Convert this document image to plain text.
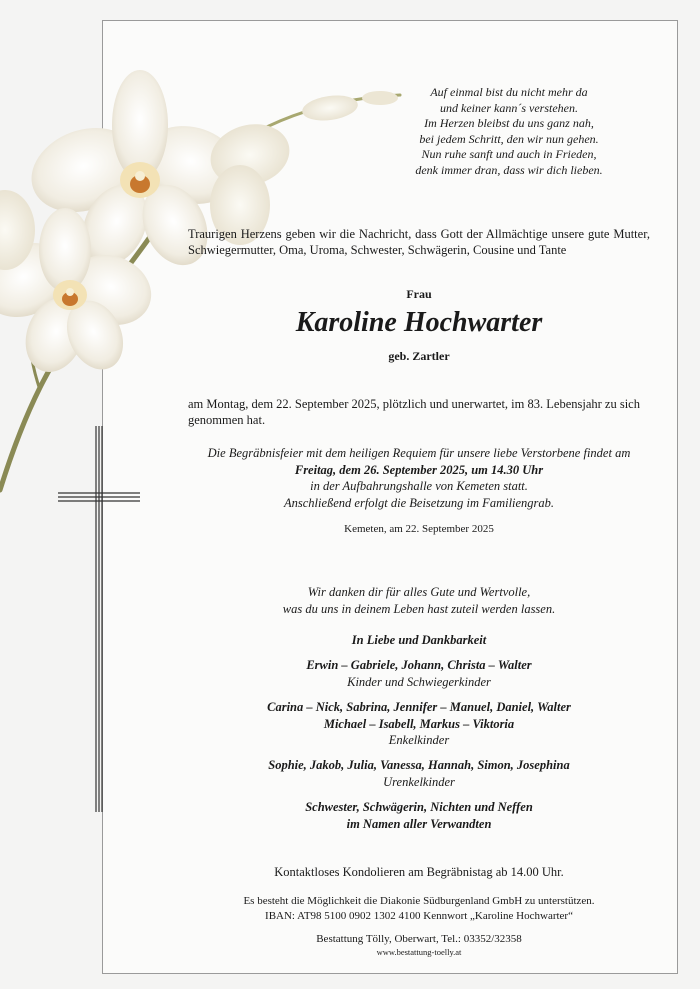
Auf einmal bist du nicht mehr da
und keiner kann´s verstehen.
Im Herzen bleibst du uns ganz nah,
bei jedem Schritt, den wir nun gehen.
Nun ruhe sanft und auch in Frieden,
denk immer dran, dass wir dich lieben.
Traurigen Herzens geben wir die Nachricht, dass Gott der Allmächtige unsere gute Mutter, Schwiegermutter, Oma, Uroma, Schwester, Schwägerin, Cousine und Tante
Frau
Karoline Hochwarter
geb. Zartler
am Montag, dem 22. September 2025, plötzlich und unerwartet, im 83. Lebensjahr zu sich genommen hat.
Die Begräbnisfeier mit dem heiligen Requiem für unsere liebe Verstorbene findet am
Freitag, dem 26. September 2025, um 14.30 Uhr
in der Aufbahrungshalle von Kemeten statt.
Anschließend erfolgt die Beisetzung im Familiengrab.
Kemeten, am 22. September 2025
Wir danken dir für alles Gute und Wertvolle,
was du uns in deinem Leben hast zuteil werden lassen.
In Liebe und Dankbarkeit
Erwin – Gabriele, Johann, Christa – Walter
Kinder und Schwiegerkinder
Carina – Nick, Sabrina, Jennifer – Manuel, Daniel, Walter
Michael – Isabell, Markus – Viktoria
Enkelkinder
Sophie, Jakob, Julia, Vanessa, Hannah, Simon, Josephina
Urenkelkinder
Schwester, Schwägerin, Nichten und Neffen
im Namen aller Verwandten
Kontaktloses Kondolieren am Begräbnistag ab 14.00 Uhr.
Es besteht die Möglichkeit die Diakonie Südburgenland GmbH zu unterstützen.
IBAN: AT98 5100 0902 1302 4100 Kennwort „Karoline Hochwarter“
Bestattung Tölly, Oberwart, Tel.: 03352/32358
www.bestattung-toelly.at
